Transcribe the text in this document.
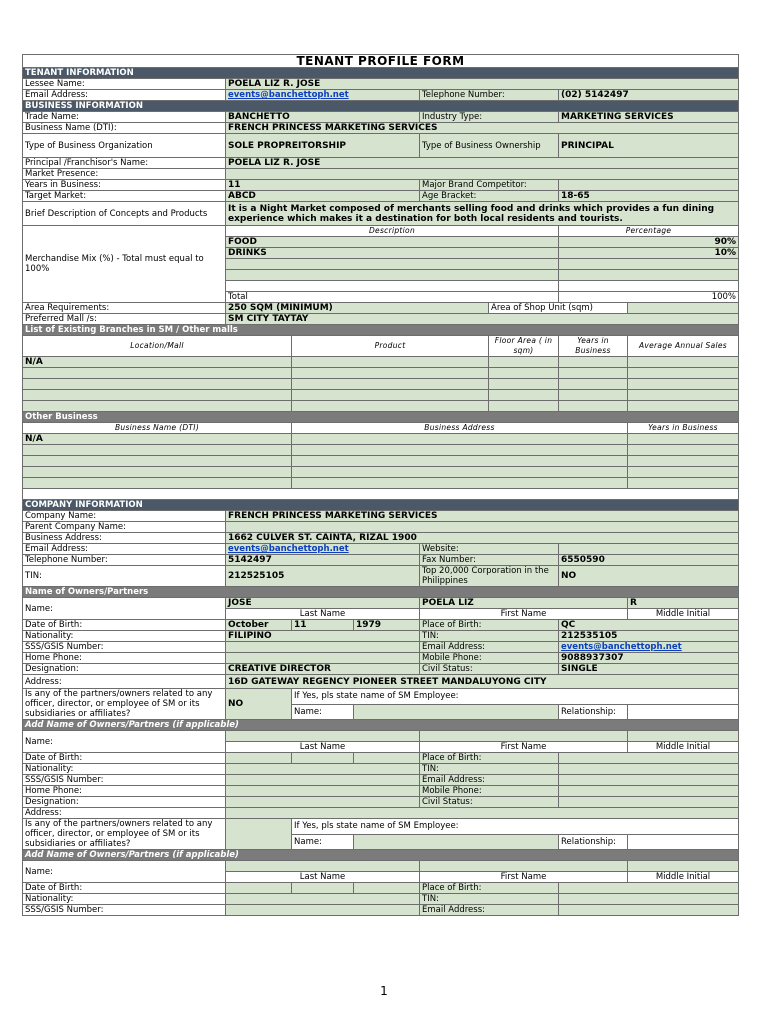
TENANT PROFILE FORM							
TENANT INFORMATION							
Lessee Name:	POELA LIZ R. JOSE						
Email Address:	events@banchettoph.net			Telephone Number:		(02) 5142497	
BUSINESS INFORMATION							
Trade Name:	BANCHETTO			Industry Type:		MARKETING SERVICES	
Business Name (DTI):	FRENCH PRINCESS MARKETING SERVICES						
Type of Business Organization	SOLE PROPREITORSHIP			Type of Business Ownership		PRINCIPAL	
Principal /Franchisor's Name:	POELA LIZ R. JOSE						
Market Presence:							
Years in Business:	11			Major Brand Competitor:			
Target Market:	ABCD			Age Bracket:		18-65	
Brief Description of Concepts and Products	It is a Night Market composed of merchants selling food and drinks which provides a fun dining experience which makes it a destination for both local residents and tourists.						
Merchandise Mix (%) - Total must equal to 100%	Description					Percentage	
	FOOD					90%	
	DRINKS					10%	

	Total					100%	
Area Requirements:	250 SQM (MINIMUM)				Area of Shop Unit (sqm)		
Preferred Mall /s:	SM CITY TAYTAY						
List of Existing Branches in SM / Other malls							
Location/Mall		Product			Floor Area ( in sqm)	Years in Business	Average Annual Sales
N/A							

Other Business							
Business Name (DTI)		Business Address					Years in Business
N/A							

COMPANY INFORMATION							
Company Name:	FRENCH PRINCESS MARKETING SERVICES						
Parent Company Name:							
Business Address:	1662 CULVER ST. CAINTA, RIZAL 1900						
Email Address:	events@banchettoph.net			Website:			
Telephone Number:	5142497			Fax Number:		6550590	
TIN:	212525105			Top 20,000 Corporation in the Philippines		NO	
Name of Owners/Partners							
Name:	JOSE			POELA LIZ			R
	Last Name			First Name			Middle Initial
Date of Birth:	October	11	1979	Place of Birth:		QC	
Nationality:	FILIPINO			TIN:		212535105	
SSS/GSIS Number:				Email Address:		events@banchettoph.net	
Home Phone:				Mobile Phone:		9088937307	
Designation:	CREATIVE DIRECTOR			Civil Status:		SINGLE	
Address:	16D GATEWAY REGENCY PIONEER STREET MANDALUYONG CITY						
Is any of the partners/owners related to any officer, director, or employee of SM or its subsidiaries or affiliates?	NO	If Yes, pls state name of SM Employee:					
		Name:				Relationship:	
Add Name of Owners/Partners (if applicable)							
Name:							
	Last Name			First Name			Middle Initial
Date of Birth:				Place of Birth:			
Nationality:				TIN:			
SSS/GSIS Number:				Email Address:			
Home Phone:				Mobile Phone:			
Designation:				Civil Status:			
Address:							
Is any of the partners/owners related to any officer, director, or employee of SM or its subsidiaries or affiliates?		If Yes, pls state name of SM Employee:					
		Name:				Relationship:	
Add Name of Owners/Partners (if applicable)							
Name:							
	Last Name			First Name			Middle Initial
Date of Birth:				Place of Birth:			
Nationality:				TIN:			
SSS/GSIS Number:				Email Address:			
1
